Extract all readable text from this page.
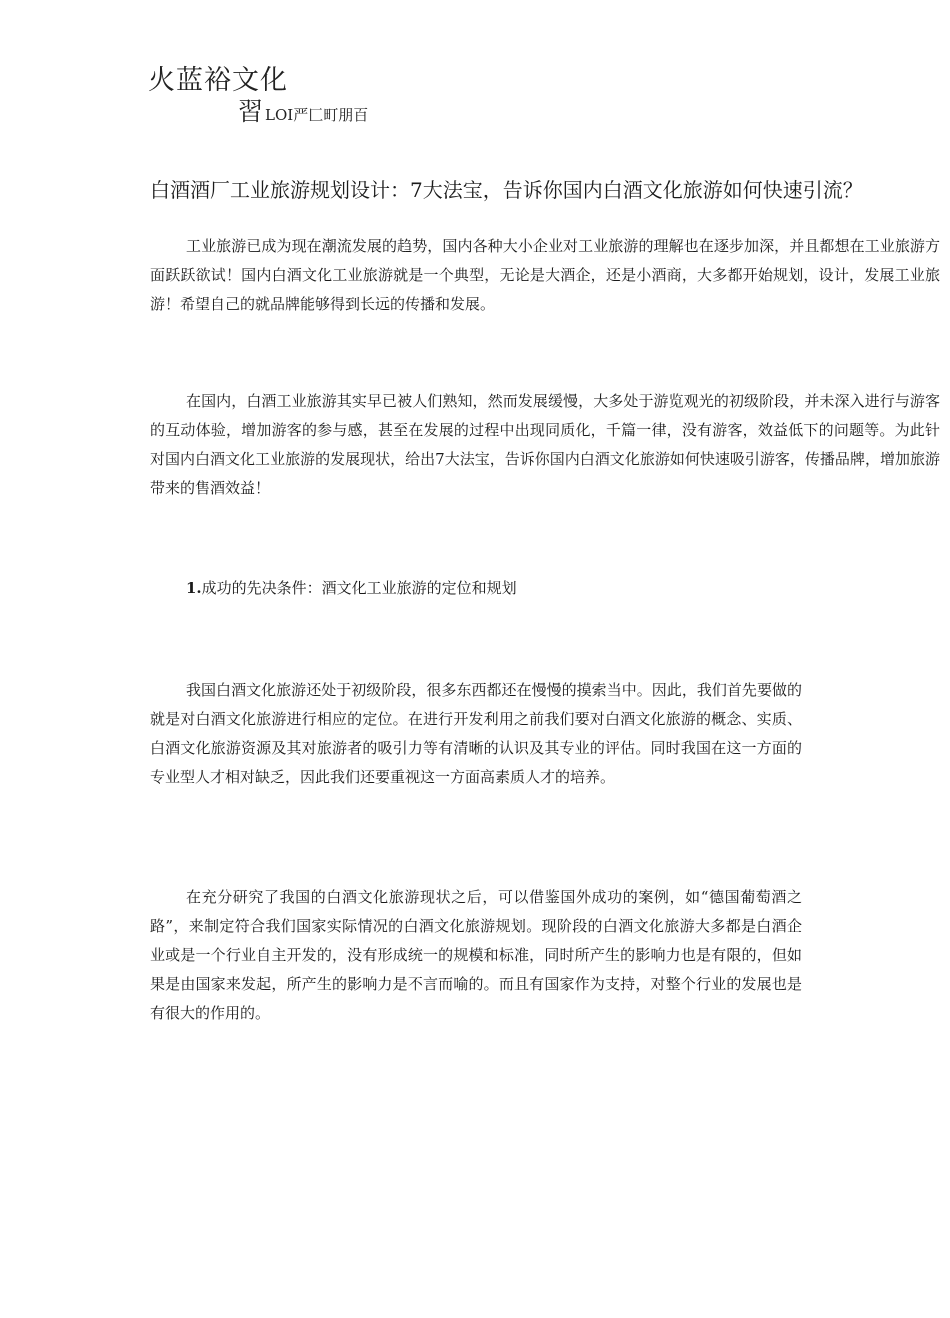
火蓝裕文化
習LOI严匚町朋百
白酒酒厂工业旅游规划设计：7大法宝，告诉你国内白酒文化旅游如何快速引流？

工业旅游已成为现在潮流发展的趋势，国内各种大小企业对工业旅游的理解也在逐步加深，并且都想在工业旅游方面跃跃欲试！国内白酒文化工业旅游就是一个典型，无论是大酒企，还是小酒商，大多都开始规划，设计，发展工业旅游！希望自己的就品牌能够得到长远的传播和发展。

在国内，白酒工业旅游其实早已被人们熟知，然而发展缓慢，大多处于游览观光的初级阶段，并未深入进行与游客的互动体验，增加游客的参与感，甚至在发展的过程中出现同质化，千篇一律，没有游客，效益低下的问题等。为此针对国内白酒文化工业旅游的发展现状，给出7大法宝，告诉你国内白酒文化旅游如何快速吸引游客，传播品牌，增加旅游带来的售酒效益！

1.成功的先决条件：酒文化工业旅游的定位和规划

我国白酒文化旅游还处于初级阶段，很多东西都还在慢慢的摸索当中。因此，我们首先要做的就是对白酒文化旅游进行相应的定位。在进行开发利用之前我们要对白酒文化旅游的概念、实质、白酒文化旅游资源及其对旅游者的吸引力等有清晰的认识及其专业的评估。同时我国在这一方面的专业型人才相对缺乏，因此我们还要重视这一方面高素质人才的培养。

在充分研究了我国的白酒文化旅游现状之后，可以借鉴国外成功的案例，如“德国葡萄酒之路”，来制定符合我们国家实际情况的白酒文化旅游规划。现阶段的白酒文化旅游大多都是白酒企业或是一个行业自主开发的，没有形成统一的规模和标准，同时所产生的影响力也是有限的，但如果是由国家来发起，所产生的影响力是不言而喻的。而且有国家作为支持，对整个行业的发展也是有很大的作用的。
